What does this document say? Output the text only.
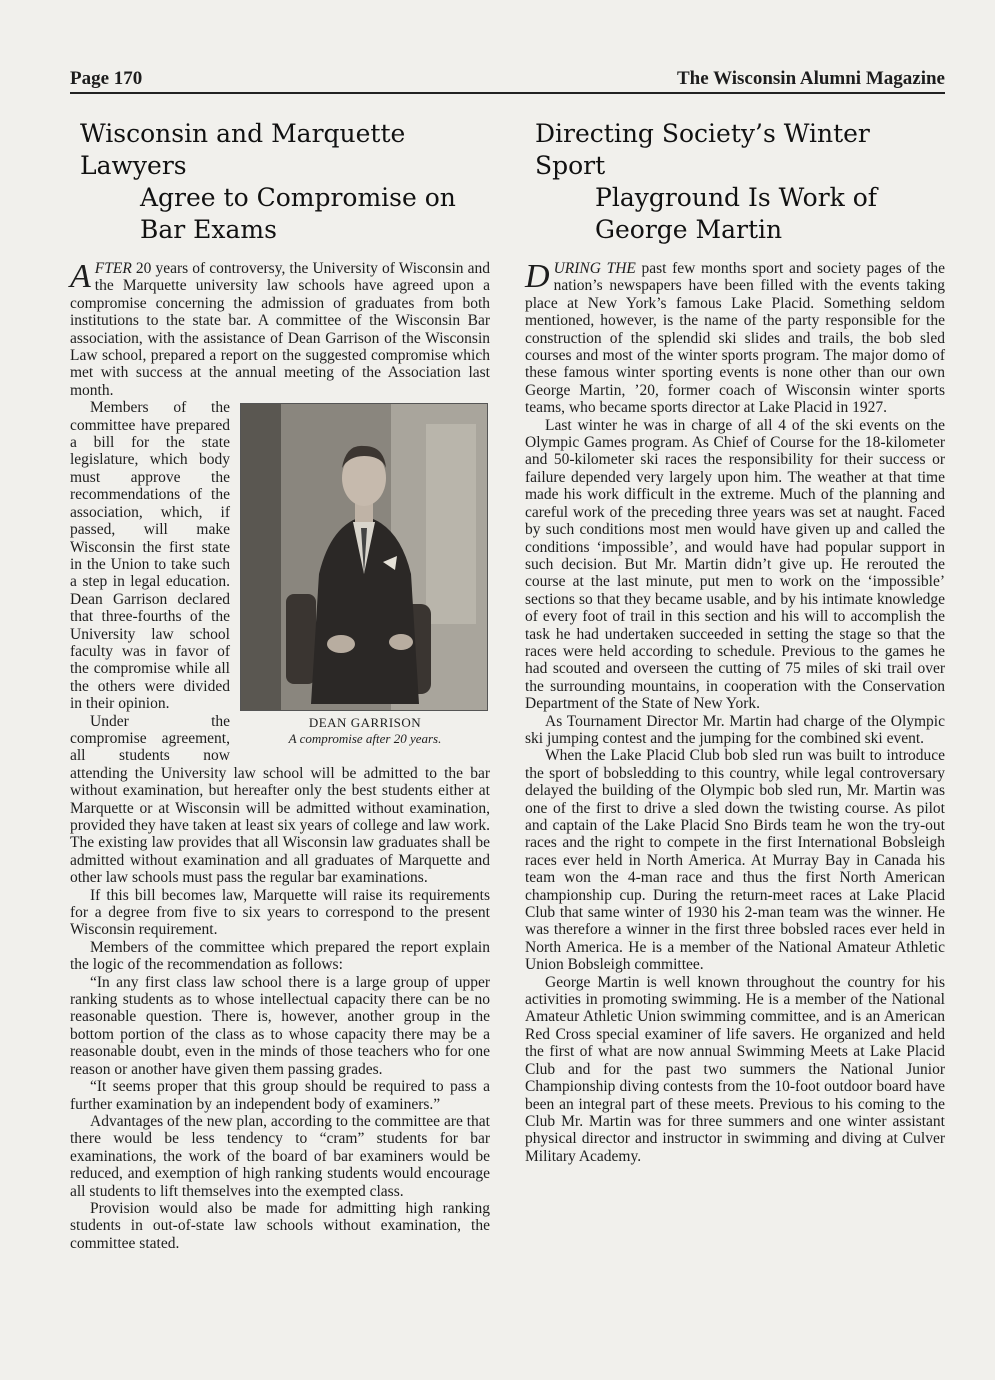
Page 170	The Wisconsin Alumni Magazine
Wisconsin and Marquette Lawyers
Agree to Compromise on Bar Exams

AFTER 20 years of controversy, the University of Wisconsin and the Marquette university law schools have agreed upon a compromise concerning the admission of graduates from both institutions to the state bar. A committee of the Wisconsin Bar association, with the assistance of Dean Garrison of the Wisconsin Law school, prepared a report on the suggested compromise which met with success at the annual meeting of the Association last month.

DEAN GARRISON
A compromise after 20 years.

Members of the committee have prepared a bill for the state legislature, which body must approve the recommendations of the association, which, if passed, will make Wisconsin the first state in the Union to take such a step in legal education. Dean Garrison declared that three-fourths of the University law school faculty was in favor of the compromise while all the others were divided in their opinion.

Under the compromise agreement, all students now attending the University law school will be admitted to the bar without examination, but hereafter only the best students either at Marquette or at Wisconsin will be admitted without examination, provided they have taken at least six years of college and law work. The existing law provides that all Wisconsin law graduates shall be admitted without examination and all graduates of Marquette and other law schools must pass the regular bar examinations.

If this bill becomes law, Marquette will raise its requirements for a degree from five to six years to correspond to the present Wisconsin requirement.

Members of the committee which prepared the report explain the logic of the recommendation as follows:

“In any first class law school there is a large group of upper ranking students as to whose intellectual capacity there can be no reasonable question. There is, however, another group in the bottom portion of the class as to whose capacity there may be a reasonable doubt, even in the minds of those teachers who for one reason or another have given them passing grades.

“It seems proper that this group should be required to pass a further examination by an independent body of examiners.”

Advantages of the new plan, according to the committee are that there would be less tendency to “cram” students for bar examinations, the work of the board of bar examiners would be reduced, and exemption of high ranking students would encourage all students to lift themselves into the exempted class.

Provision would also be made for admitting high ranking students in out-of-state law schools without examination, the committee stated.

Directing Society’s Winter Sport
Playground Is Work of George Martin

DURING THE past few months sport and society pages of the nation’s newspapers have been filled with the events taking place at New York’s famous Lake Placid. Something seldom mentioned, however, is the name of the party responsible for the construction of the splendid ski slides and trails, the bob sled courses and most of the winter sports program. The major domo of these famous winter sporting events is none other than our own George Martin, ’20, former coach of Wisconsin winter sports teams, who became sports director at Lake Placid in 1927.

Last winter he was in charge of all 4 of the ski events on the Olympic Games program. As Chief of Course for the 18-kilometer and 50-kilometer ski races the responsibility for their success or failure depended very largely upon him. The weather at that time made his work difficult in the extreme. Much of the planning and careful work of the preceding three years was set at naught. Faced by such conditions most men would have given up and called the conditions ‘impossible’, and would have had popular support in such decision. But Mr. Martin didn’t give up. He rerouted the course at the last minute, put men to work on the ‘impossible’ sections so that they became usable, and by his intimate knowledge of every foot of trail in this section and his will to accomplish the task he had undertaken succeeded in setting the stage so that the races were held according to schedule. Previous to the games he had scouted and overseen the cutting of 75 miles of ski trail over the surrounding mountains, in cooperation with the Conservation Department of the State of New York.

As Tournament Director Mr. Martin had charge of the Olympic ski jumping contest and the jumping for the combined ski event.

When the Lake Placid Club bob sled run was built to introduce the sport of bobsledding to this country, while legal controversary delayed the building of the Olympic bob sled run, Mr. Martin was one of the first to drive a sled down the twisting course. As pilot and captain of the Lake Placid Sno Birds team he won the try-out races and the right to compete in the first International Bobsleigh races ever held in North America. At Murray Bay in Canada his team won the 4-man race and thus the first North American championship cup. During the return-meet races at Lake Placid Club that same winter of 1930 his 2-man team was the winner. He was therefore a winner in the first three bobsled races ever held in North America. He is a member of the National Amateur Athletic Union Bobsleigh committee.

George Martin is well known throughout the country for his activities in promoting swimming. He is a member of the National Amateur Athletic Union swimming committee, and is an American Red Cross special examiner of life savers. He organized and held the first of what are now annual Swimming Meets at Lake Placid Club and for the past two summers the National Junior Championship diving contests from the 10-foot outdoor board have been an integral part of these meets. Previous to his coming to the Club Mr. Martin was for three summers and one winter assistant physical director and instructor in swimming and diving at Culver Military Academy.
